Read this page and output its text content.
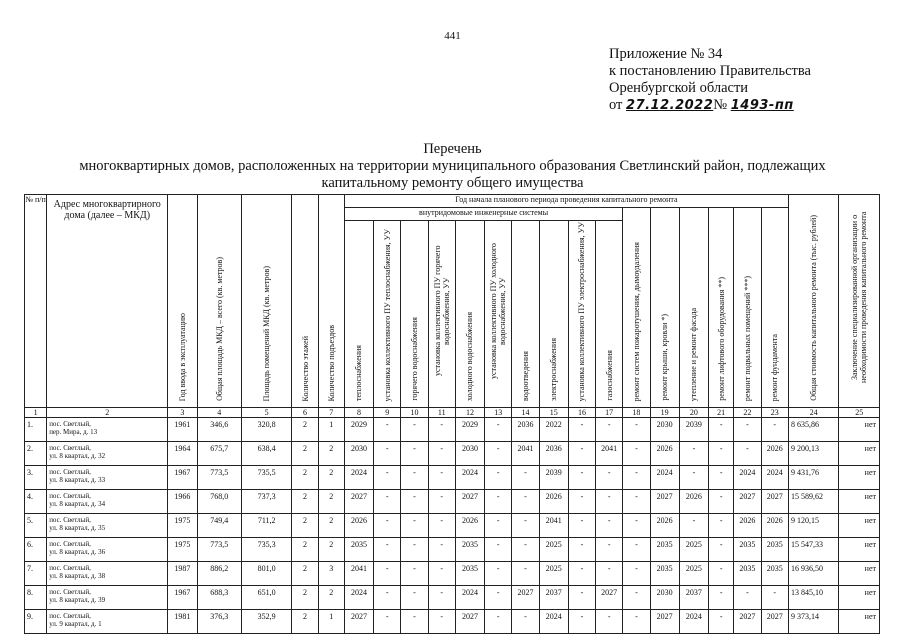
441
Приложение № 34
к постановлению Правительства
Оренбургской области
от 27.12.2022№ 1493-пп
Перечень
многоквартирных домов, расположенных на территории муниципального образования Светлинский район, подлежащих
капитальному ремонту общего имущества
№ п/п	Адрес многоквартирного дома (далее – МКД)	Год ввода в эксплуатацию	Общая площадь МКД – всего (кв. метров)	Площадь помещений МКД (кв. метров)	Количество этажей	Количество подъездов	Год начала планового периода проведения капитального ремонта																Общая стоимость капитального ремонта (тыс. рублей)	Заключение специализированной организации о необходимости проведения капитального ремонта
							внутридомовые инженерные системы										ремонт систем пожаротушения, дымоудаления	ремонт крыши, кровли *)	утепление и ремонт фасада	ремонт лифтового оборудования **)	ремонт подвальных помещений ***)	ремонт фундамента		
							теплоснабжения	установка коллективного ПУ теплоснабжения, УУ	горячего водоснабжения	установка коллективного ПУ горячего водоснабжения, УУ	холодного водоснабжения	установка коллективного ПУ холодного водоснабжения, УУ	водоотведения	электроснабжения	установка коллективного ПУ электроснабжения, УУ	газоснабжения								
1	2	3	4	5	6	7	8	9	10	11	12	13	14	15	16	17	18	19	20	21	22	23	24	25
1.	пос. Светлый,
пер. Мира, д. 13	1961	346,6	320,8	2	1	2029	-	-	-	2029	-	2036	2022	-	-	-	2030	2039	-	-	-	8 635,86	нет
2.	пос. Светлый,
ул. 8 квартал, д. 32	1964	675,7	638,4	2	2	2030	-	-	-	2030	-	2041	2036	-	2041	-	2026	-	-	-	2026	9 200,13	нет
3.	пос. Светлый,
ул. 8 квартал, д. 33	1967	773,5	735,5	2	2	2024	-	-	-	2024	-	-	2039	-	-	-	2024	-	-	2024	2024	9 431,76	нет
4.	пос. Светлый,
ул. 8 квартал, д. 34	1966	768,0	737,3	2	2	2027	-	-	-	2027	-	-	2026	-	-	-	2027	2026	-	2027	2027	15 589,62	нет
5.	пос. Светлый,
ул. 8 квартал, д. 35	1975	749,4	711,2	2	2	2026	-	-	-	2026	-	-	2041	-	-	-	2026	-	-	2026	2026	9 120,15	нет
6.	пос. Светлый,
ул. 8 квартал, д. 36	1975	773,5	735,3	2	2	2035	-	-	-	2035	-	-	2025	-	-	-	2035	2025	-	2035	2035	15 547,33	нет
7.	пос. Светлый,
ул. 8 квартал, д. 38	1987	886,2	801,0	2	3	2041	-	-	-	2035	-	-	2025	-	-	-	2035	2025	-	2035	2035	16 936,50	нет
8.	пос. Светлый,
ул. 8 квартал, д. 39	1967	688,3	651,0	2	2	2024	-	-	-	2024	-	2027	2037	-	2027	-	2030	2037	-	-	-	13 845,10	нет
9.	пос. Светлый,
ул. 9 квартал, д. 1	1981	376,3	352,9	2	1	2027	-	-	-	2027	-	-	2024	-	-	-	2027	2024	-	2027	2027	9 373,14	нет
